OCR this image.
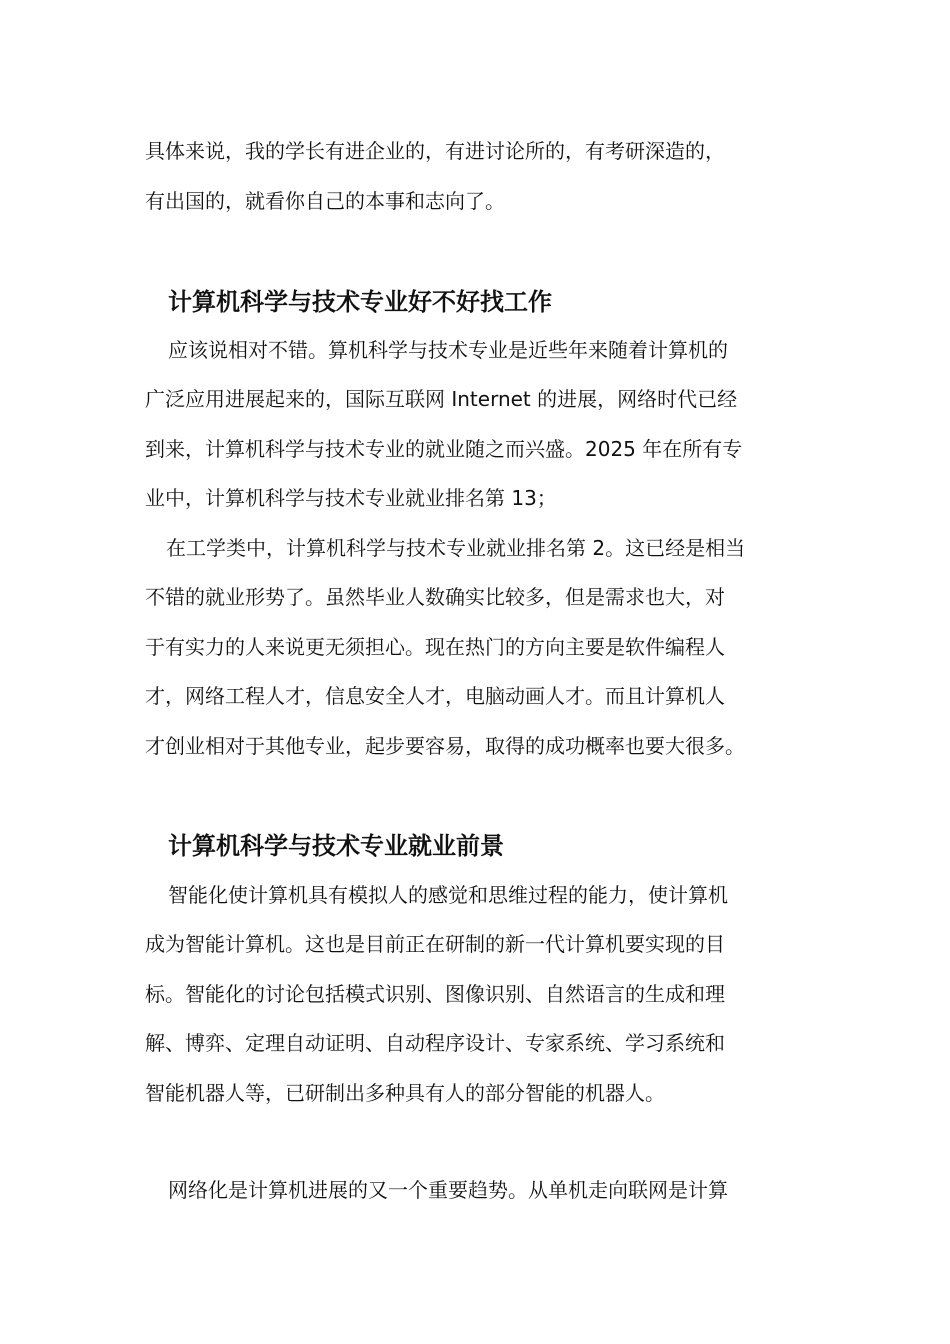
具体来说，我的学长有进企业的，有进讨论所的，有考研深造的，

有出国的，就看你自己的本事和志向了。

计算机科学与技术专业好不好找工作

应该说相对不错。算机科学与技术专业是近些年来随着计算机的

广泛应用进展起来的，国际互联网 Internet 的进展，网络时代已经

到来，计算机科学与技术专业的就业随之而兴盛。2025 年在所有专

业中，计算机科学与技术专业就业排名第 13；

在工学类中，计算机科学与技术专业就业排名第 2。这已经是相当

不错的就业形势了。虽然毕业人数确实比较多，但是需求也大，对

于有实力的人来说更无须担心。现在热门的方向主要是软件编程人

才，网络工程人才，信息安全人才，电脑动画人才。而且计算机人

才创业相对于其他专业，起步要容易，取得的成功概率也要大很多。

计算机科学与技术专业就业前景

智能化使计算机具有模拟人的感觉和思维过程的能力，使计算机

成为智能计算机。这也是目前正在研制的新一代计算机要实现的目

标。智能化的讨论包括模式识别、图像识别、自然语言的生成和理

解、博弈、定理自动证明、自动程序设计、专家系统、学习系统和

智能机器人等，已研制出多种具有人的部分智能的机器人。

网络化是计算机进展的又一个重要趋势。从单机走向联网是计算
